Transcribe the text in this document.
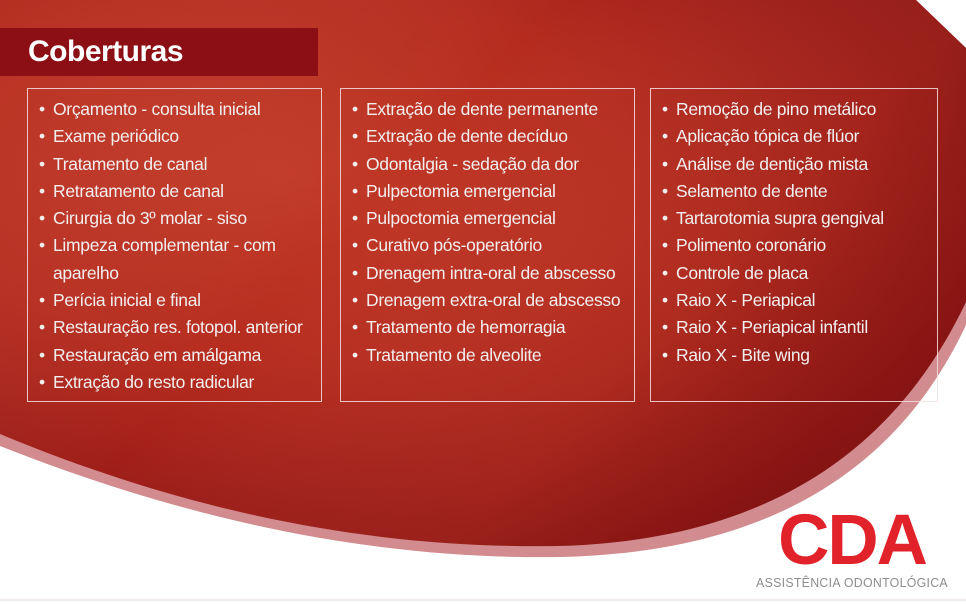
Coberturas
• Orçamento - consulta inicial
• Exame periódico
• Tratamento de canal
• Retratamento de canal
• Cirurgia do 3º molar - siso
• Limpeza complementar - com aparelho
• Perícia inicial e final
• Restauração res. fotopol. anterior
• Restauração em amálgama
• Extração do resto radicular
• Extração de dente permanente
• Extração de dente decíduo
• Odontalgia - sedação da dor
• Pulpectomia emergencial
• Pulpoctomia emergencial
• Curativo pós-operatório
• Drenagem intra-oral de abscesso
• Drenagem extra-oral de abscesso
• Tratamento de hemorragia
• Tratamento de alveolite
• Remoção de pino metálico
• Aplicação tópica de flúor
• Análise de dentição mista
• Selamento de dente
• Tartarotomia supra gengival
• Polimento coronário
• Controle de placa
• Raio X - Periapical
• Raio X - Periapical infantil
• Raio X - Bite wing
CDA
ASSISTÊNCIA ODONTOLÓGICA
